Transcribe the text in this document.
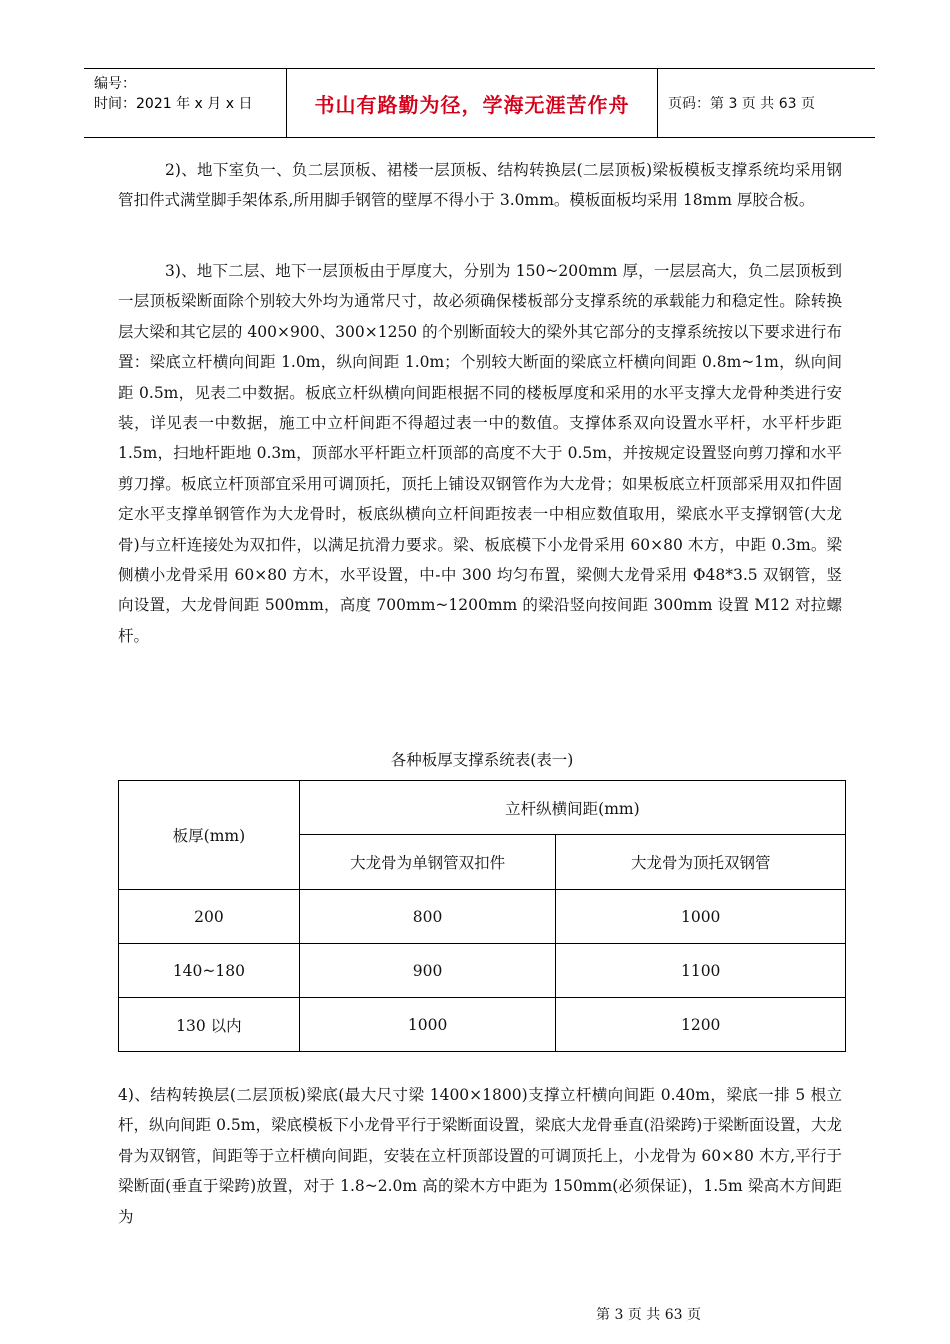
编号：
时间：2021 年 x 月 x 日	书山有路勤为径，学海无涯苦作舟	页码：第 3 页 共 63 页
2)、地下室负一、负二层顶板、裙楼一层顶板、结构转换层(二层顶板)梁板模板支撑系统均采用钢管扣件式满堂脚手架体系,所用脚手钢管的壁厚不得小于 3.0mm。模板面板均采用 18mm 厚胶合板。
3)、地下二层、地下一层顶板由于厚度大，分别为 150~200mm 厚，一层层高大，负二层顶板到一层顶板梁断面除个别较大外均为通常尺寸，故必须确保楼板部分支撑系统的承载能力和稳定性。除转换层大梁和其它层的 400×900、300×1250 的个别断面较大的梁外其它部分的支撑系统按以下要求进行布置：梁底立杆横向间距 1.0m，纵向间距 1.0m；个别较大断面的梁底立杆横向间距 0.8m~1m，纵向间距 0.5m，见表二中数据。板底立杆纵横向间距根据不同的楼板厚度和采用的水平支撑大龙骨种类进行安装，详见表一中数据，施工中立杆间距不得超过表一中的数值。支撑体系双向设置水平杆，水平杆步距 1.5m，扫地杆距地 0.3m，顶部水平杆距立杆顶部的高度不大于 0.5m，并按规定设置竖向剪刀撑和水平剪刀撑。板底立杆顶部宜采用可调顶托，顶托上铺设双钢管作为大龙骨；如果板底立杆顶部采用双扣件固定水平支撑单钢管作为大龙骨时，板底纵横向立杆间距按表一中相应数值取用，梁底水平支撑钢管(大龙骨)与立杆连接处为双扣件，以满足抗滑力要求。梁、板底模下小龙骨采用 60×80 木方，中距 0.3m。梁侧横小龙骨采用 60×80 方木，水平设置，中-中 300 均匀布置，梁侧大龙骨采用 Φ48*3.5 双钢管，竖向设置，大龙骨间距 500mm，高度 700mm~1200mm 的梁沿竖向按间距 300mm 设置 M12 对拉螺杆。
各种板厚支撑系统表(表一)
板厚(mm)	立杆纵横间距(mm)	
	大龙骨为单钢管双扣件	大龙骨为顶托双钢管
200	800	1000
140~180	900	1100
130 以内	1000	1200
4)、结构转换层(二层顶板)梁底(最大尺寸梁 1400×1800)支撑立杆横向间距 0.40m，梁底一排 5 根立杆，纵向间距 0.5m，梁底模板下小龙骨平行于梁断面设置，梁底大龙骨垂直(沿梁跨)于梁断面设置，大龙骨为双钢管，间距等于立杆横向间距，安装在立杆顶部设置的可调顶托上，小龙骨为 60×80 木方,平行于梁断面(垂直于梁跨)放置，对于 1.8~2.0m 高的梁木方中距为 150mm(必须保证)，1.5m 梁高木方间距为
第 3 页 共 63 页
